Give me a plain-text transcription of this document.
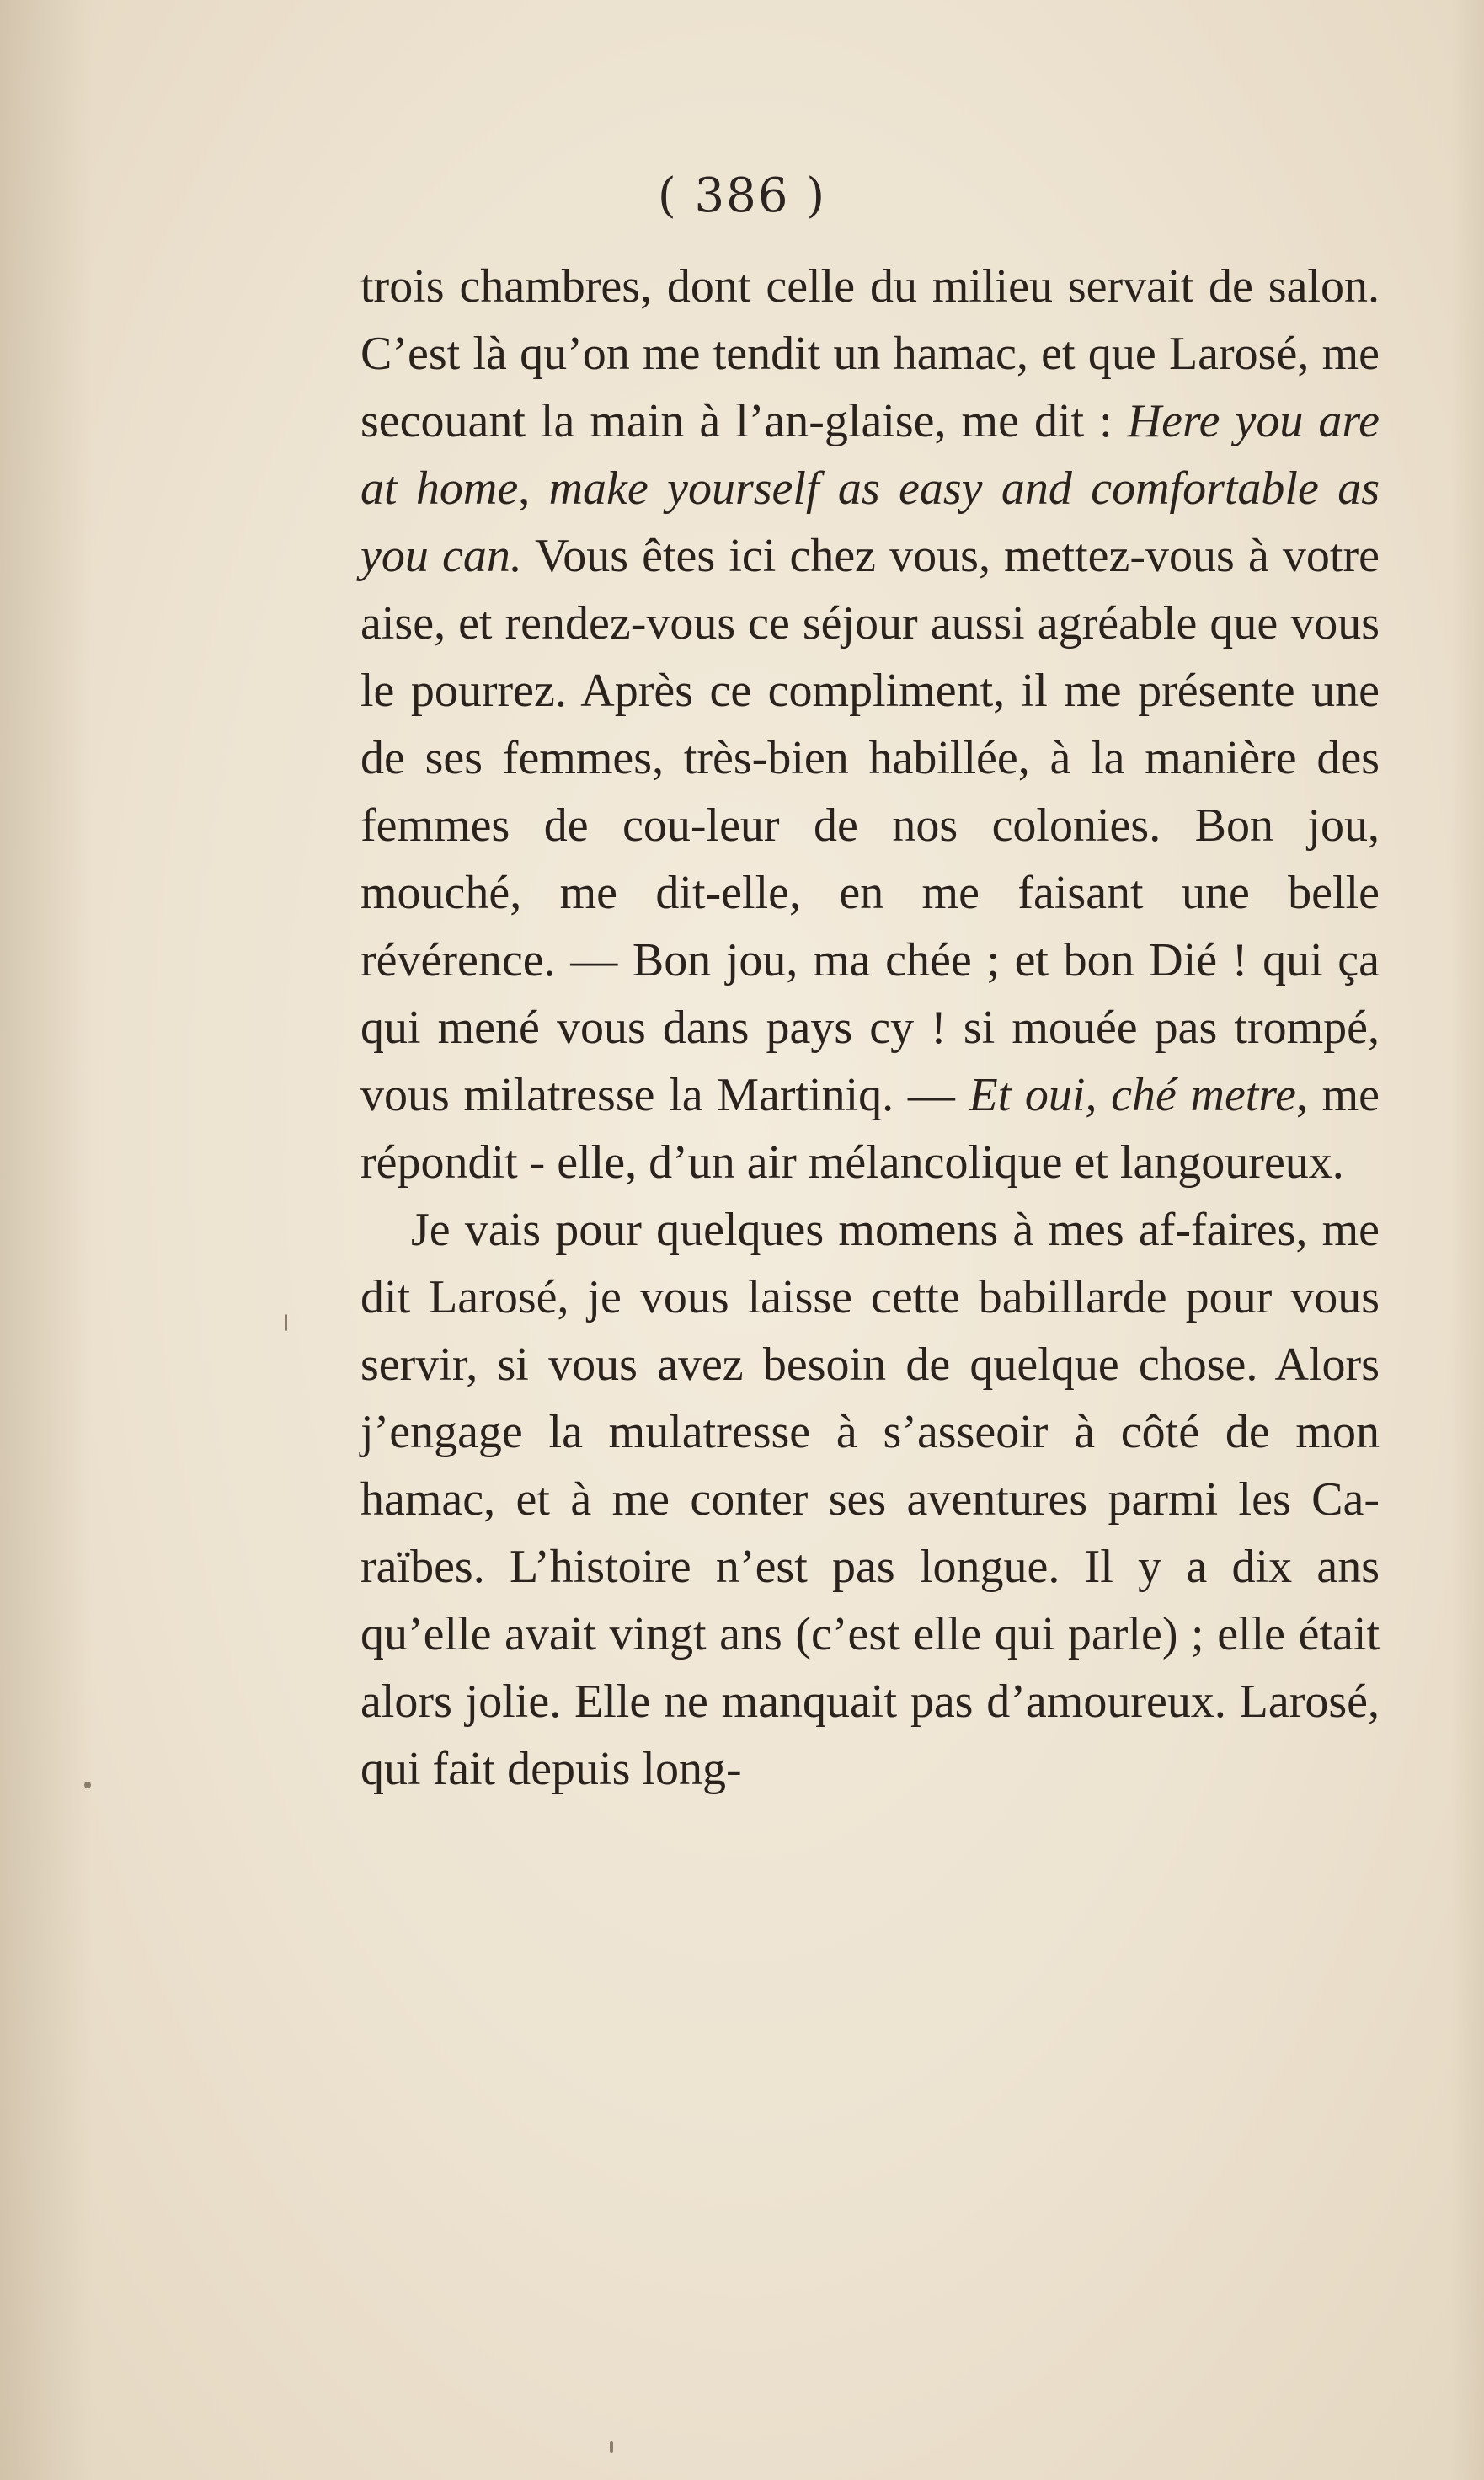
( 386 )

trois chambres, dont celle du milieu servait de salon. C’est là qu’on me tendit un hamac, et que Larosé, me secouant la main à l’an-glaise, me dit : Here you are at home, make yourself as easy and comfortable as you can. Vous êtes ici chez vous, mettez-vous à votre aise, et rendez-vous ce séjour aussi agréable que vous le pourrez. Après ce compliment, il me présente une de ses femmes, très-bien habillée, à la manière des femmes de cou-leur de nos colonies. Bon jou, mouché, me dit-elle, en me faisant une belle révérence. — Bon jou, ma chée ; et bon Dié ! qui ça qui mené vous dans pays cy ! si mouée pas trompé, vous milatresse la Martiniq. — Et oui, ché metre, me répondit - elle, d’un air mélancolique et langoureux.

Je vais pour quelques momens à mes af-faires, me dit Larosé, je vous laisse cette babillarde pour vous servir, si vous avez besoin de quelque chose. Alors j’engage la mulatresse à s’asseoir à côté de mon hamac, et à me conter ses aventures parmi les Ca-raïbes. L’histoire n’est pas longue. Il y a dix ans qu’elle avait vingt ans (c’est elle qui parle) ; elle était alors jolie. Elle ne manquait pas d’amoureux. Larosé, qui fait depuis long-
